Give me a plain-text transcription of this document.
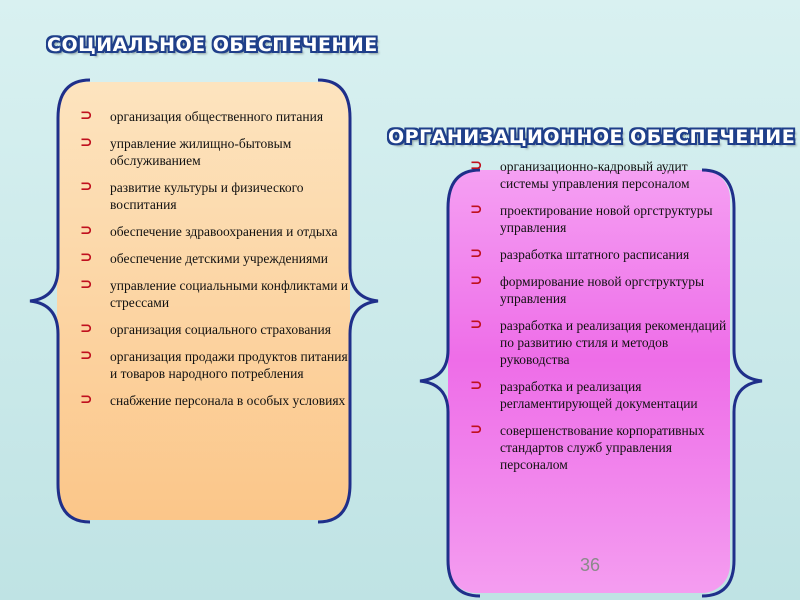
СОЦИАЛЬНОЕ ОБЕСПЕЧЕНИЕ
ОРГАНИЗАЦИОННОЕ ОБЕСПЕЧЕНИЕ
⊃	организация общественного питания
⊃	управление жилищно-бытовым обслуживанием
⊃	развитие культуры и физического воспитания
⊃	обеспечение здравоохранения и отдыха
⊃	обеспечение детскими учреждениями
⊃	управление социальными конфликтами и стрессами
⊃	организация социального страхования
⊃	организация продажи продуктов питания и товаров народного потребления
⊃	снабжение персонала в особых условиях
⊃	организационно-кадровый аудит системы управления персоналом
⊃	проектирование новой оргструктуры управления
⊃	разработка штатного расписания
⊃	формирование новой оргструктуры управления
⊃	разработка и реализация рекомендаций по развитию стиля и методов руководства
⊃	разработка и реализация регламентирующей документации
⊃	совершенствование корпоративных стандартов служб управления персоналом
36
